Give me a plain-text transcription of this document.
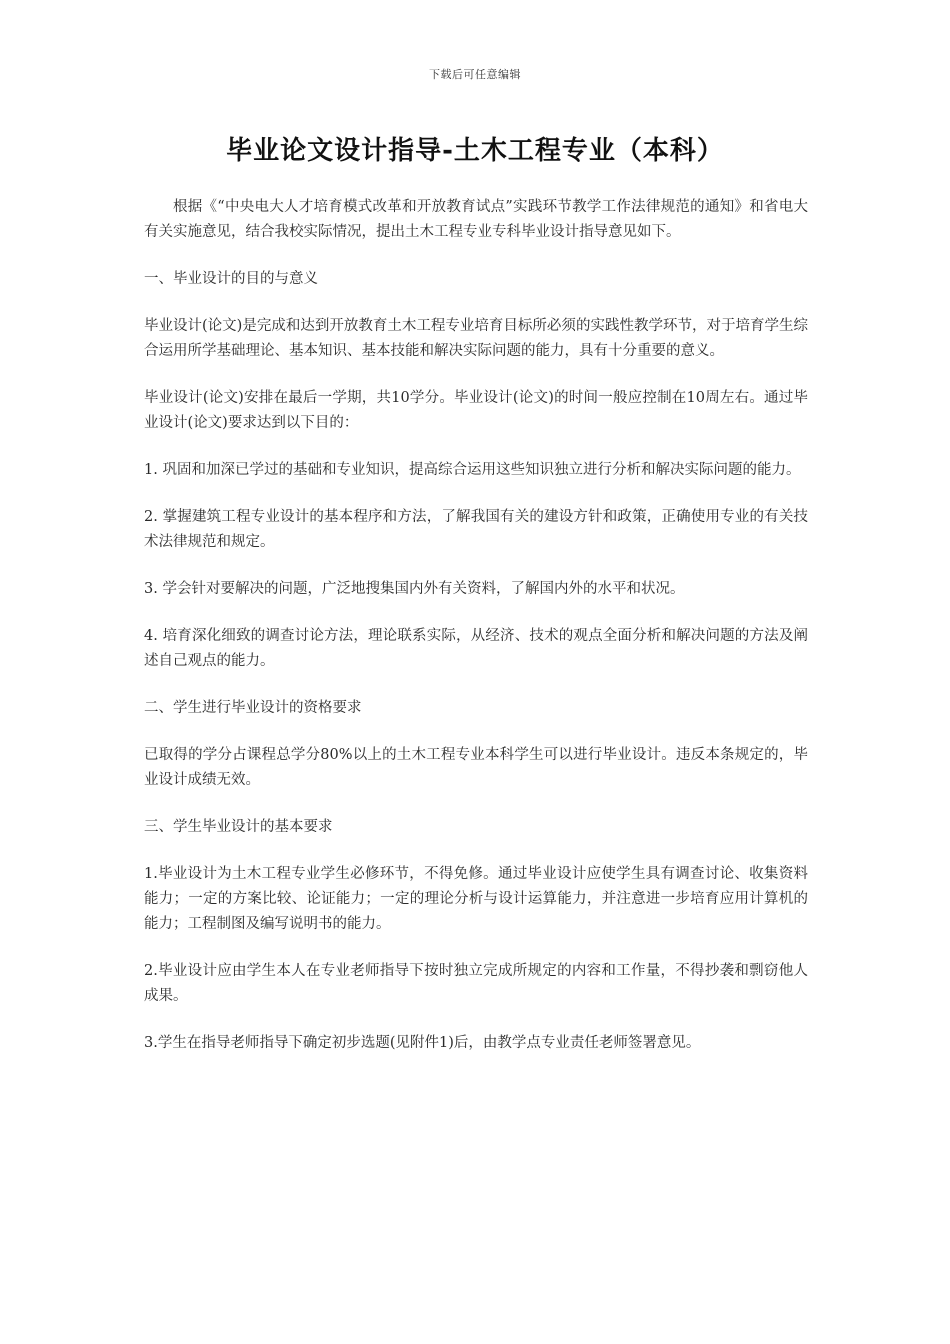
下载后可任意编辑
毕业论文设计指导-土木工程专业（本科）

根据《“中央电大人才培育模式改革和开放教育试点”实践环节教学工作法律规范的通知》和省电大有关实施意见，结合我校实际情况，提出土木工程专业专科毕业设计指导意见如下。

一、毕业设计的目的与意义

毕业设计(论文)是完成和达到开放教育土木工程专业培育目标所必须的实践性教学环节，对于培育学生综合运用所学基础理论、基本知识、基本技能和解决实际问题的能力，具有十分重要的意义。

毕业设计(论文)安排在最后一学期，共10学分。毕业设计(论文)的时间一般应控制在10周左右。通过毕业设计(论文)要求达到以下目的：

1. 巩固和加深已学过的基础和专业知识，提高综合运用这些知识独立进行分析和解决实际问题的能力。

2. 掌握建筑工程专业设计的基本程序和方法，了解我国有关的建设方针和政策，正确使用专业的有关技术法律规范和规定。

3. 学会针对要解决的问题，广泛地搜集国内外有关资料，了解国内外的水平和状况。

4. 培育深化细致的调查讨论方法，理论联系实际，从经济、技术的观点全面分析和解决问题的方法及阐述自己观点的能力。

二、学生进行毕业设计的资格要求

已取得的学分占课程总学分80%以上的土木工程专业本科学生可以进行毕业设计。违反本条规定的，毕业设计成绩无效。

三、学生毕业设计的基本要求

1.毕业设计为土木工程专业学生必修环节，不得免修。通过毕业设计应使学生具有调查讨论、收集资料能力；一定的方案比较、论证能力；一定的理论分析与设计运算能力，并注意进一步培育应用计算机的能力；工程制图及编写说明书的能力。

2.毕业设计应由学生本人在专业老师指导下按时独立完成所规定的内容和工作量，不得抄袭和剽窃他人成果。

3.学生在指导老师指导下确定初步选题(见附件1)后，由教学点专业责任老师签署意见。
